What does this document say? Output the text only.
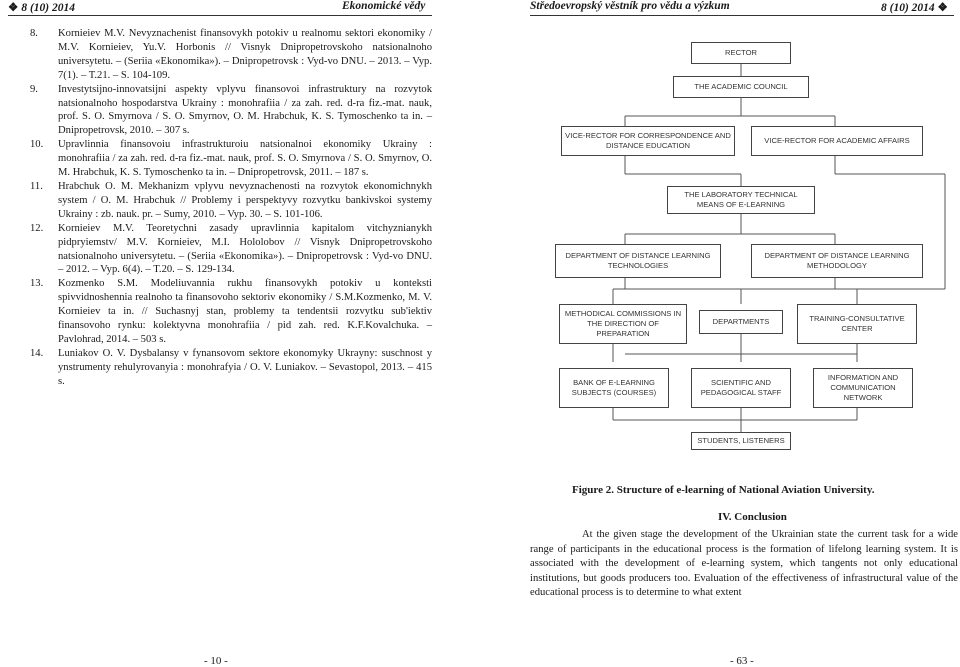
❖ 8 (10) 2014	Ekonomické vědy	Středoevropský věstník pro vědu a výzkum	8 (10) 2014 ❖
8.	Kornieiev M.V. Nevyznachenist finansovykh potokiv u realnomu sektori ekonomiky / M.V. Kornieiev, Yu.V. Horbonis // Visnyk Dnipropetrovskoho natsionalnoho universytetu. – (Seriia «Ekonomika»). – Dnipropetrovsk : Vyd-vo DNU. – 2013. – Vyp. 7(1). – T.21. – S. 104-109.
9.	Investytsijno-innovatsijni aspekty vplyvu finansovoi infrastruktury na rozvytok natsionalnoho hospodarstva Ukrainy : monohrafiia / za zah. red. d-ra fiz.-mat. nauk, prof. S. O. Smyrnova / S. O. Smyrnov, O. M. Hrabchuk, K. S. Tymoschenko ta in. – Dnipropetrovsk, 2010. – 307 s.
10.	Upravlinnia finansovoiu infrastrukturoiu natsionalnoi ekonomiky Ukrainy : monohrafiia / za zah. red. d-ra fiz.-mat. nauk, prof. S. O. Smyrnova / S. O. Smyrnov, O. M. Hrabchuk, K. S. Tymoschenko ta in. – Dnipropetrovsk, 2011. – 187 s.
11.	Hrabchuk O. M. Mekhanizm vplyvu nevyznachenosti na rozvytok ekonomichnykh system / O. M. Hrabchuk // Problemy i perspektyvy rozvytku bankivskoi systemy Ukrainy : zb. nauk. pr. – Sumy, 2010. – Vyp. 30. – S. 101-106.
12.	Kornieiev M.V. Teoretychni zasady upravlinnia kapitalom vitchyznianykh pidpryiemstv/ M.V. Kornieiev, M.I. Hololobov // Visnyk Dnipropetrovskoho natsionalnoho universytetu. – (Seriia «Ekonomika»). – Dnipropetrovsk : Vyd-vo DNU. – 2012. – Vyp. 6(4). – T.20. – S. 129-134.
13.	Kozmenko S.M. Modeliuvannia rukhu finansovykh potokiv u konteksti spivvidnoshennia realnoho ta finansovoho sektoriv ekonomiky / S.M.Kozmenko, M. V. Kornieiev ta in. // Suchasnyj stan, problemy ta tendentsii rozvytku sub'iektiv finansovoho rynku: kolektyvna monohrafiia / pid zah. red. K.F.Kovalchuka. – Pavlohrad, 2014. – 503 s.
14.	Luniakov O. V. Dysbalansy v fynansovom sektore ekonomyky Ukrayny: suschnost y ynstrumenty rehulyrovanyia : monohrafyia / O. V. Luniakov. – Sevastopol, 2013. – 415 s.
- 10 -	- 63 -
RECTOR
THE ACADEMIC COUNCIL
VICE-RECTOR FOR CORRESPONDENCE AND DISTANCE EDUCATION
VICE-RECTOR FOR ACADEMIC AFFAIRS
THE LABORATORY TECHNICAL MEANS OF E-LEARNING
DEPARTMENT OF DISTANCE LEARNING TECHNOLOGIES
DEPARTMENT OF DISTANCE LEARNING METHODOLOGY
METHODICAL COMMISSIONS IN THE DIRECTION OF PREPARATION
DEPARTMENTS	TRAINING-CONSULTATIVE CENTER
BANK OF E-LEARNING SUBJECTS (COURSES)
SCIENTIFIC AND PEDAGOGICAL STAFF
INFORMATION AND COMMUNICATION NETWORK
STUDENTS, LISTENERS
Figure 2. Structure of e-learning of National Aviation University.
IV. Conclusion

At the given stage the development of the Ukrainian state the current task for a wide range of participants in the educational process is the formation of lifelong learning system. It is associated with the development of e-learning system, which tangents not only educational institutions, but goods producers too. Evaluation of the effectiveness of infrastructural value of the educational process is to determine to what extent
